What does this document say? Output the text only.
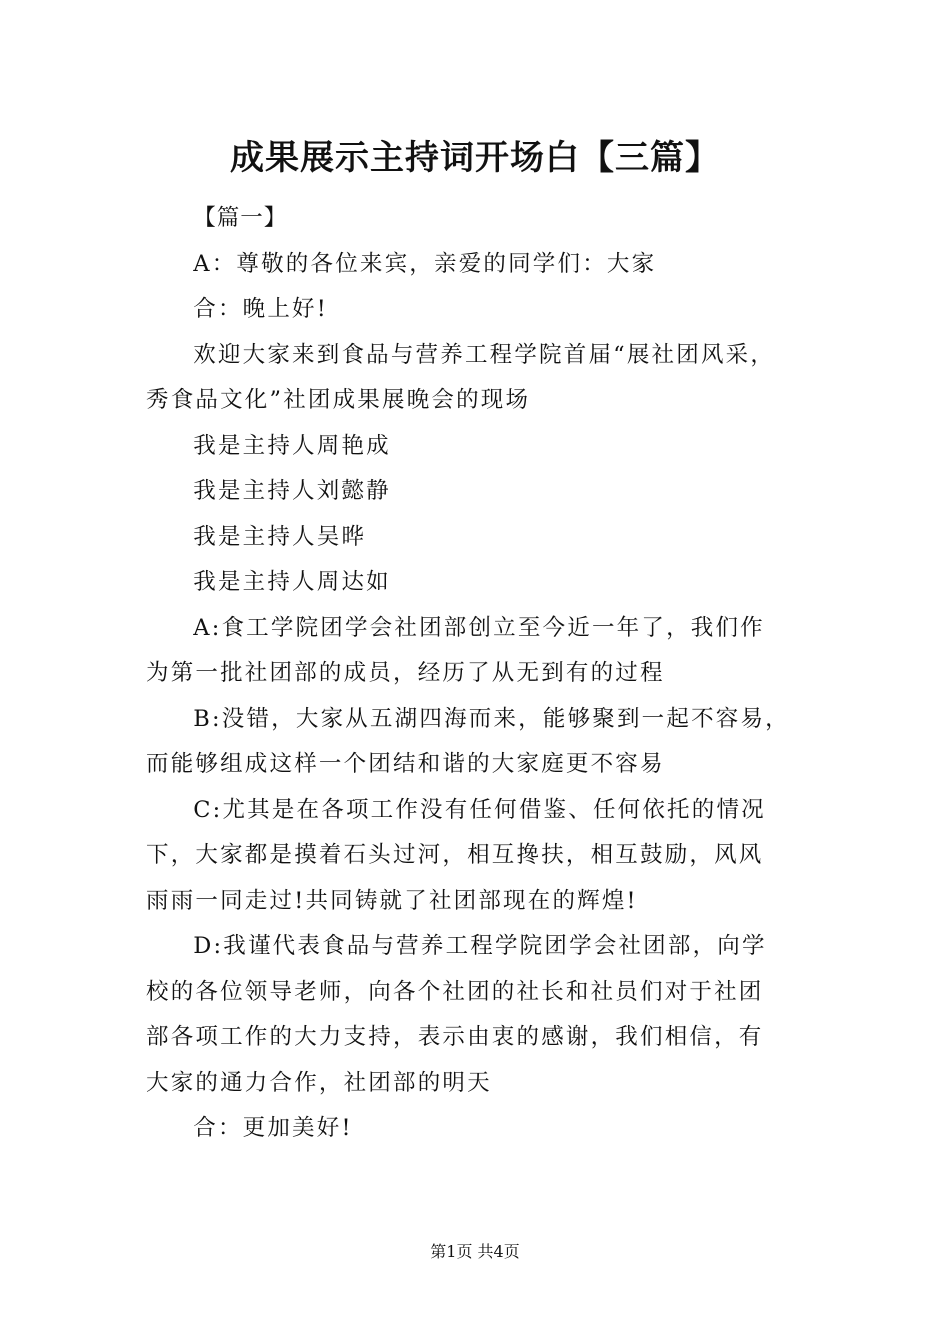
成果展示主持词开场白【三篇】

【篇一】

A：尊敬的各位来宾，亲爱的同学们：大家

合：晚上好!

欢迎大家来到食品与营养工程学院首届“展社团风采，
秀食品文化”社团成果展晚会的现场

我是主持人周艳成

我是主持人刘懿静

我是主持人吴晔

我是主持人周达如

A:食工学院团学会社团部创立至今近一年了，我们作
为第一批社团部的成员，经历了从无到有的过程

B:没错，大家从五湖四海而来，能够聚到一起不容易，
而能够组成这样一个团结和谐的大家庭更不容易

C:尤其是在各项工作没有任何借鉴、任何依托的情况
下，大家都是摸着石头过河，相互搀扶，相互鼓励，风风
雨雨一同走过!共同铸就了社团部现在的辉煌!

D:我谨代表食品与营养工程学院团学会社团部，向学
校的各位领导老师，向各个社团的社长和社员们对于社团
部各项工作的大力支持，表示由衷的感谢，我们相信，有
大家的通力合作，社团部的明天

合：更加美好!

第1页 共4页
